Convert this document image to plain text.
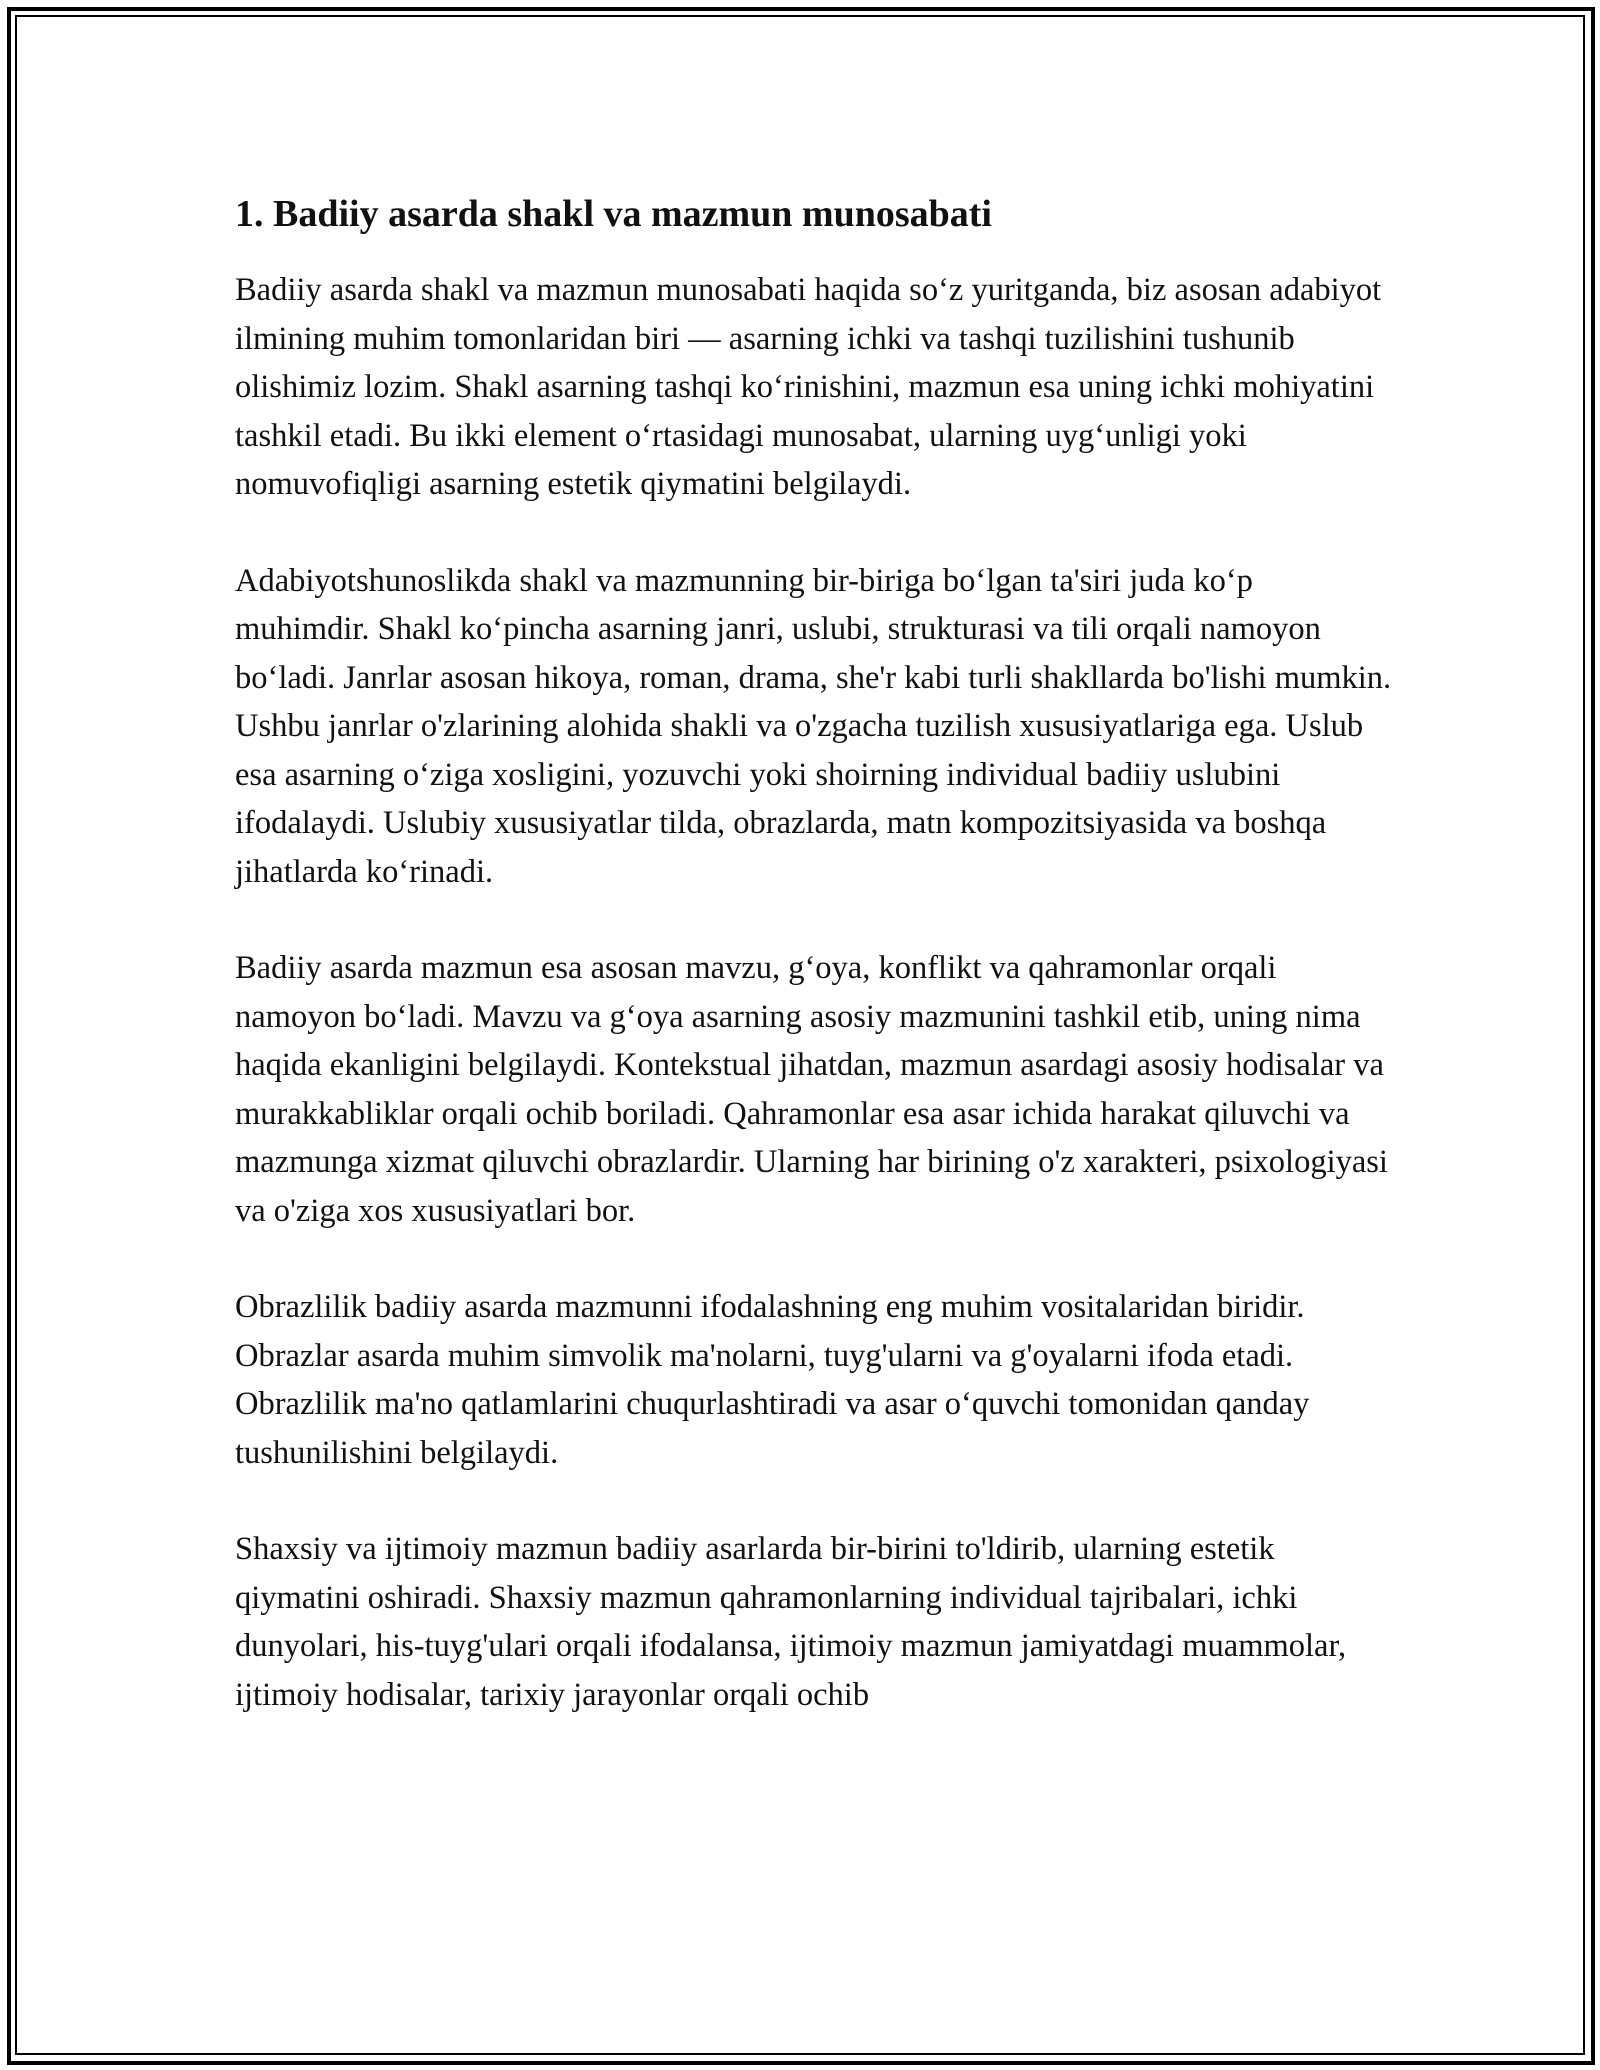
1. Badiiy asarda shakl va mazmun munosabati

Badiiy asarda shakl va mazmun munosabati haqida so‘z yuritganda, biz asosan adabiyot ilmining muhim tomonlaridan biri — asarning ichki va tashqi tuzilishini tushunib olishimiz lozim. Shakl asarning tashqi ko‘rinishini, mazmun esa uning ichki mohiyatini tashkil etadi. Bu ikki element o‘rtasidagi munosabat, ularning uyg‘unligi yoki nomuvofiqligi asarning estetik qiymatini belgilaydi.

Adabiyotshunoslikda shakl va mazmunning bir-biriga bo‘lgan ta'siri juda ko‘p muhimdir. Shakl ko‘pincha asarning janri, uslubi, strukturasi va tili orqali namoyon bo‘ladi. Janrlar asosan hikoya, roman, drama, she'r kabi turli shakllarda bo'lishi mumkin. Ushbu janrlar o'zlarining alohida shakli va o'zgacha tuzilish xususiyatlariga ega. Uslub esa asarning o‘ziga xosligini, yozuvchi yoki shoirning individual badiiy uslubini ifodalaydi. Uslubiy xususiyatlar tilda, obrazlarda, matn kompozitsiyasida va boshqa jihatlarda ko‘rinadi.

Badiiy asarda mazmun esa asosan mavzu, g‘oya, konflikt va qahramonlar orqali namoyon bo‘ladi. Mavzu va g‘oya asarning asosiy mazmunini tashkil etib, uning nima haqida ekanligini belgilaydi. Kontekstual jihatdan, mazmun asardagi asosiy hodisalar va murakkabliklar orqali ochib boriladi. Qahramonlar esa asar ichida harakat qiluvchi va mazmunga xizmat qiluvchi obrazlardir. Ularning har birining o'z xarakteri, psixologiyasi va o'ziga xos xususiyatlari bor.

Obrazlilik badiiy asarda mazmunni ifodalashning eng muhim vositalaridan biridir. Obrazlar asarda muhim simvolik ma'nolarni, tuyg'ularni va g'oyalarni ifoda etadi. Obrazlilik ma'no qatlamlarini chuqurlashtiradi va asar o‘quvchi tomonidan qanday tushunilishini belgilaydi.

Shaxsiy va ijtimoiy mazmun badiiy asarlarda bir-birini to'ldirib, ularning estetik qiymatini oshiradi. Shaxsiy mazmun qahramonlarning individual tajribalari, ichki dunyolari, his-tuyg'ulari orqali ifodalansa, ijtimoiy mazmun jamiyatdagi muammolar, ijtimoiy hodisalar, tarixiy jarayonlar orqali ochib
